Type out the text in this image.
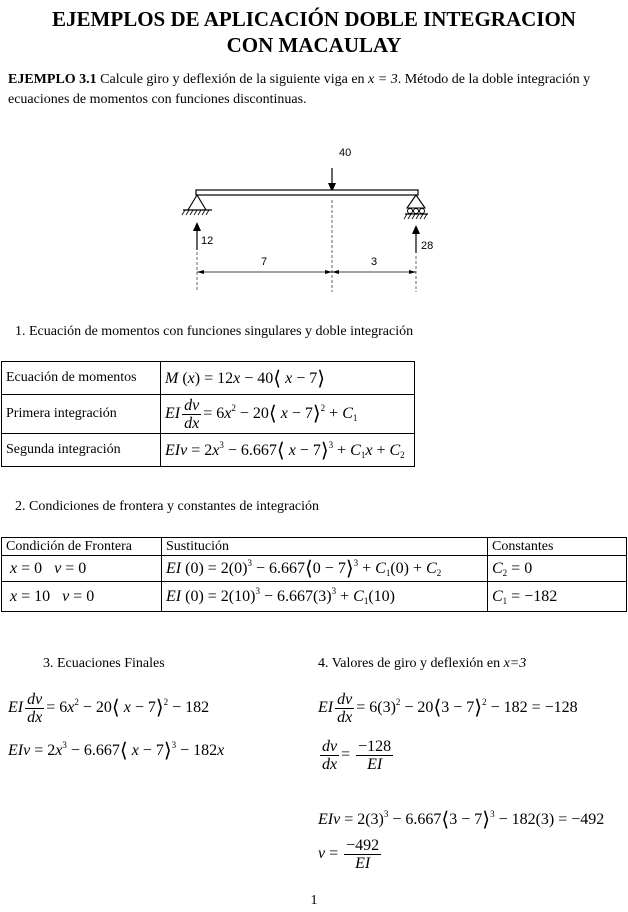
EJEMPLOS DE APLICACIÓN DOBLE INTEGRACION
CON MACAULAY
EJEMPLO 3.1 Calcule giro y deflexión de la siguiente viga en x = 3. Método de la doble integración y ecuaciones de momentos con funciones discontinuas.
40
12	28
7	3
1. Ecuación de momentos con funciones singulares y doble integración
Ecuación de momentos	M (x) = 12x − 40⟨ x − 7⟩
Primera integración	EI $\frac{dv}{dx} = 6x^2$ − 20⟨ x − 7⟩$^2$ + $C_1$
Segunda integración	EIv = $2x^3$ − 6.667⟨ x − 7⟩$^3$ + $C_1x + C_2$
2. Condiciones de frontera y constantes de integración
Condición de Frontera	Sustitución	Constantes
x = 0   v = 0	EI $(0) = 2(0)^3$ − 6.667⟨0 − 7⟩$^3$ + $C_1(0) + C_2$	$C_2 = 0$
x = 10   v = 0	EI $(0) = 2(10)^3 - 6.667(3)^3 + C_1(10)$	$C_1 = -182$
3. Ecuaciones Finales	4. Valores de giro y deflexión en x=3
EI $\frac{dv}{dx} = 6x^2$ − 20⟨ x − 7⟩$^2$ − 182
EIv = $2x^3$ − 6.667⟨ x − 7⟩$^3$ − 182x
EI $\frac{dv}{dx} = 6(3)^2$ − 20⟨3 − 7⟩$^2$ − 182 = −128
$\frac{dv}{dx} = \frac{-128}{EI}$
EIv = $2(3)^3$ − 6.667⟨3 − 7⟩$^3$ − 182(3) = −492
$v = \frac{-492}{EI}$
1
